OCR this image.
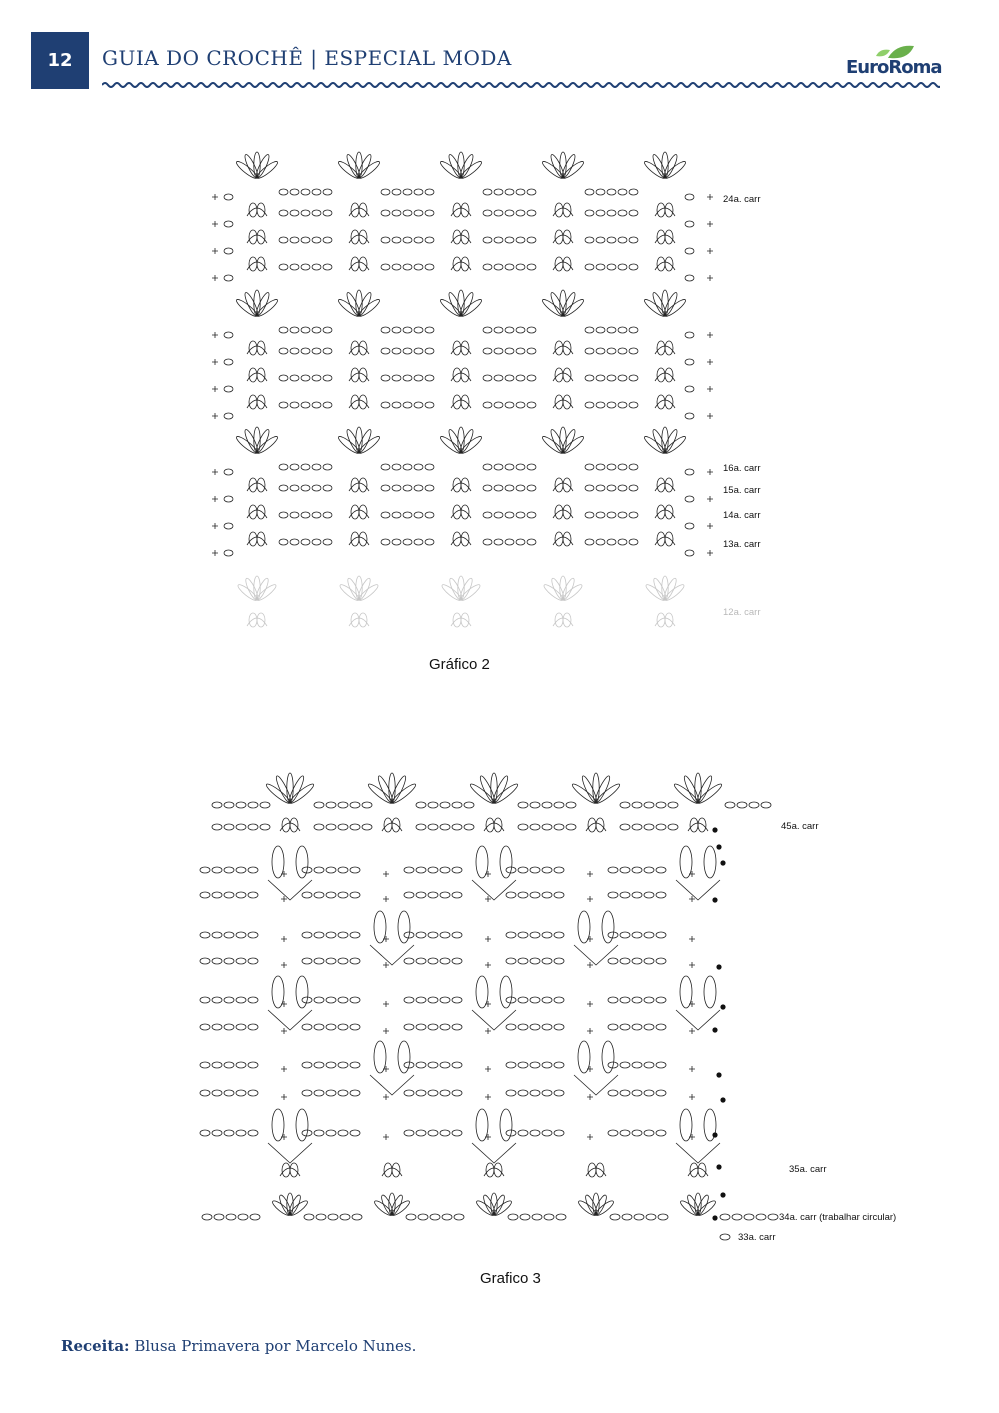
12 GUIA DO CROCHÊ | ESPECIAL MODA	EuroRoma
24a. carr
16a. carr
15a. carr
14a. carr
13a. carr
12a. carr
Gráfico 2
45a. carr
35a. carr
34a. carr (trabalhar circular)
33a. carr
Grafico 3
Receita: Blusa Primavera por Marcelo Nunes.
